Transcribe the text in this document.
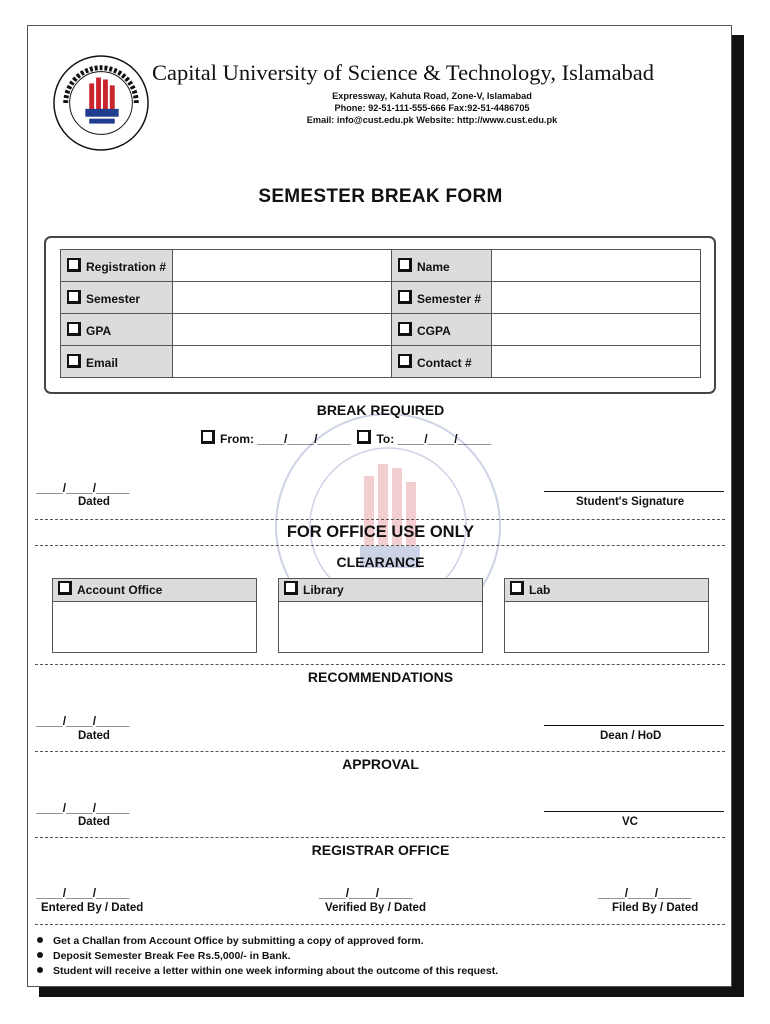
Capital University of Science & Technology, Islamabad
Expressway, Kahuta Road, Zone-V, Islamabad
Phone: 92-51-111-555-666 Fax:92-51-4486705
Email: info@cust.edu.pk Website: http://www.cust.edu.pk
SEMESTER BREAK FORM
Registration #		Name	
Semester		Semester #	
GPA		CGPA	
Email		Contact #	
BREAK REQUIRED
From: ____/____/_____ To: ____/____/_____
____/____/_____
Dated	Student's Signature
FOR OFFICE USE ONLY
CLEARANCE
Account Office	Library	Lab
RECOMMENDATIONS
____/____/_____
Dated	Dean / HoD
APPROVAL
____/____/_____
Dated	VC
REGISTRAR OFFICE
____/____/_____
Entered By / Dated
____/____/_____
Verified By / Dated
____/____/_____
Filed By / Dated
Get a Challan from Account Office by submitting a copy of approved form.
Deposit Semester Break Fee Rs.5,000/- in Bank.
Student will receive a letter within one week informing about the outcome of this request.
